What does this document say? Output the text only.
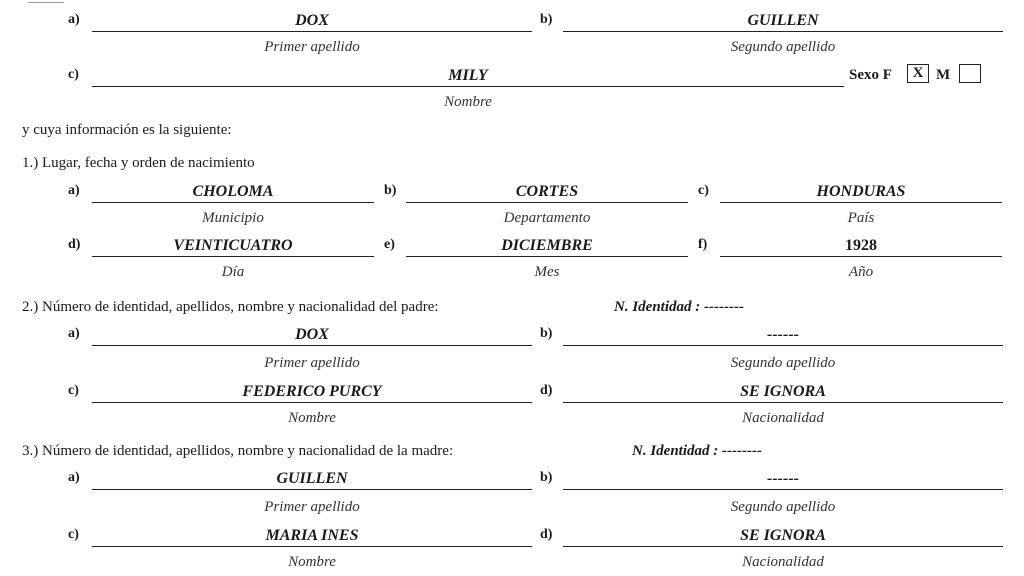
a)	DOX
Primer apellido
b)	GUILLEN
Segundo apellido
c)	MILY
Nombre
Sexo F	X M
y cuya información es la siguiente:
1.) Lugar, fecha y orden de nacimiento
a)	CHOLOMA
Municipio
b)	CORTES
Departamento
c)	HONDURAS
País
d)	VEINTICUATRO
Día
e)	DICIEMBRE
Mes
f)	1928
Año
2.) Número de identidad, apellidos, nombre y nacionalidad del padre:	N. Identidad : --------
a)	DOX
Primer apellido
b)	------
Segundo apellido
c)	FEDERICO PURCY
Nombre
d)	SE IGNORA
Nacionalidad
3.) Número de identidad, apellidos, nombre y nacionalidad de la madre:	N. Identidad : --------
a)	GUILLEN
Primer apellido
b)	------
Segundo apellido
c)	MARIA INES
Nombre
d)	SE IGNORA
Nacionalidad
